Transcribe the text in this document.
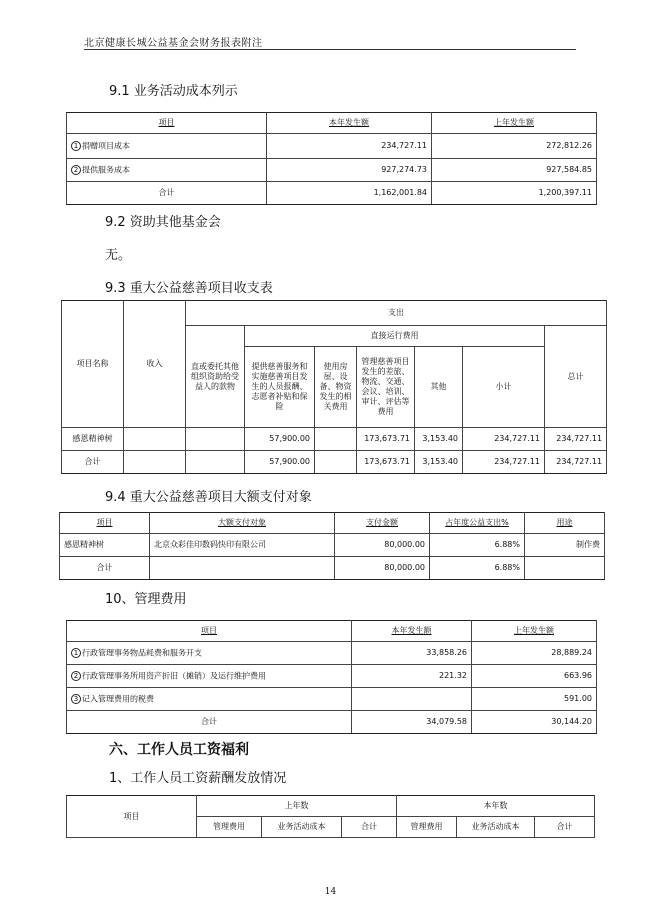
北京健康长城公益基金会财务报表附注
9.1 业务活动成本列示
项目	本年发生额	上年发生额
1 捐赠项目成本	234,727.11	272,812.26
2 提供服务成本	927,274.73	927,584.85
合计	1,162,001.84	1,200,397.11
9.2 资助其他基金会
无。
9.3 重大公益慈善项目收支表
项目名称	收入	支出						
		直或委托其他组织资助给受益人的款物	直接运行费用					总计
			提供慈善服务和实施慈善项目发生的人员报酬、志愿者补贴和保险	使用房屋、设备、物资发生的相关费用	管理慈善项目发生的差旅、物流、交通、会议、培训、审计、评估等费用	其他	小计	
感恩精神树			57,900.00		173,673.71	3,153.40	234,727.11	234,727.11
合计			57,900.00		173,673.71	3,153.40	234,727.11	234,727.11
9.4 重大公益慈善项目大额支付对象
项目	大额支付对象	支付金额	占年度公益支出%	用途
感恩精神树	北京众彩佳印数码快印有限公司	80,000.00	6.88%	制作费
合计		80,000.00	6.88%	
10、管理费用
项目	本年发生额	上年发生额
1 行政管理事务物品耗费和服务开支	33,858.26	28,889.24
2 行政管理事务所用资产折旧（摊销）及运行维护费用	221.32	663.96
3 记入管理费用的税费		591.00
合计	34,079.58	30,144.20
六、工作人员工资福利
1、工作人员工资薪酬发放情况
项目	上年数			本年数		
	管理费用	业务活动成本	合计	管理费用	业务活动成本	合计
14
